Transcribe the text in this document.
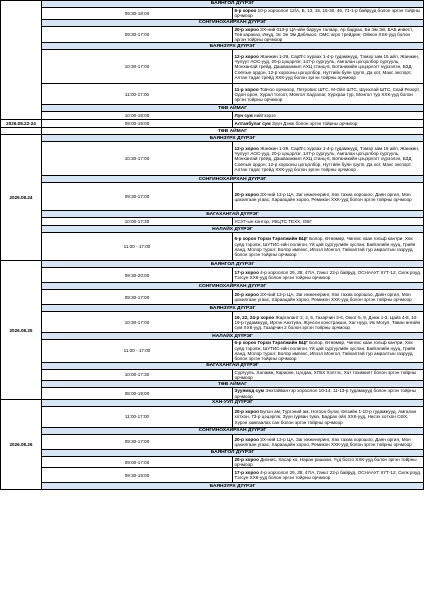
	БАЯНГОЛ ДҮҮРЭГ	
	09:30-18:00	6-р хороо 10-р хороолол 12/А, Б, 13, 15, 15-30, 46, 71-1-р байрууд болон эргэн тойрны орчмоор
	СОНГИНОХАЙРХАН ДҮҮРЭГ	
	09:30-17:00	20-р хороо ЗХ-ний 013-р ЦА-ийн баруун талаар, Ар бадрах, Би Эм Эй, БАБ инвест, Тев караказ, Инуд, Эс Эн Эм Дабльюо, ОМС агро трейдинг, Ойжон ХХК-ууд болон эргэн тойрны орчмоор
	БАЯНЗҮРХ ДҮҮРЭГ	
	10:30-17:00	12-р хороо Жанжин 1-29, Сарימс хураах 1-4-р гудамжууд, Тэмэр зам 15 айл, Жанжин, Чулуут АОС-ууд, 20-р цэцэрлэг, 147-р сургууль, Амгалан цогцолбор сургууль, Монхангай трейд, Дашваанжил АХЦ станц-6, Ботаникийн цэцэрлэгт хүрээлэн, БЗД Соёлын ордон, 12-р хорооны цогцолбор, Нуттийн буян групп, Да хот, Макс экспорт, Алтан тадаг трейд ХХК-ууд болон эргэн тойрны орчмоор
	11:00-17:00	11-р хороо Товчоо орчмоор, Петровис ШТС, М-Ойл ШТС, Шунхлай ШТС, Скай Резорт, Одон орон, Хурал тогоот, Монгол Хадгалаг, Хурхраа тур, Монгол тур ХХК-ууд болон эргэн тойрны орчмоор
	ТӨВ АЙМАГ	
	10:00-18:00	Лүн сум нийтээрээ
2026.08.22-24	09:00-19:00	Алтанбулаг сум Зүүн Дэнж болон эргэн тойрны орчмоор
	ТӨВ АЙМАГ	
2026.08.24	БАЯНЗҮРХ ДҮҮРЭГ	
	10:30-17:00	12-р хороо Жанжин 1-29, Сарימс хураах 1-4-р гудамжууд, Тэмэр зам 15 айл, Жанжин, Чулуут АОС-ууд, 20-р цэцэрлэг, 147-р сургууль, Амгалан цогцолбор сургууль, Монхангай трейд, Дашваанжил АХЦ станц-6, Ботаникийн цэцэрлэгт хүрээлэн, БЗД Соёлын ордон, 12-р хорооны цогцолбор, Нуттийн буян групп, Да хот, Макс экспорт, Алтан тадаг трейд ХХК-ууд болон эргэн тойрны орчмоор
	СОНГИНОХАЙРХАН ДҮҮРЭГ	
	09:30-17:00	20-р хороо ЗХ-ний 13-р ЦА, Заг инженеринг, Хөх тахиа хорошоо, Даян оргил, Мон цахилгаан угаас, Хараацайн хороо, Ремикон ХХК-ууд болон эргэн тойрны орчмоор
	БАГАХАНГАЙ ДҮҮРЭГ	
	10:00-17:30	УСУГ-ын контор, УБЦТС ТЕХХ, ОБГ
	НАЛАЙХ ДҮҮРЭГ	
	11:00 - 17:00	6-р хороо Горхи Тэрэлжийн БЦГ Болор, Өтөөмөр, Чингис хаан гольф кантри, Хөх сувд тэрэлж, ШУТИС-ийн полигон, Үй цай сургуулийн зуслан, Байгалийн нууц, Грийн ланд, Молор туршт, Болор импекс, Ивээл Монгол, Гайхалтай тур амралтын газрууд болон эргэн тойрны орчмоор
2026.08.25	БАЯНГОЛ ДҮҮРЭГ	
	09:30-20:00	17-р хороо 4-р хороолол 26, 38, 47/А, Ганьт 22-р байруд, ОСНААУГ ХҮТ-12, Силк роуд, Тэгсун ХХК-ууд болон эргэн тойрны орчмоор
	СОНГИНОХАЙРХАН ДҮҮРЭГ	
	09:30-17:00	20-р хороо ЗХ-ний 13-р ЦА, Заг инженеринг, Хөх тахиа хорошоо, Даян оргил, Мон цахилгаан угаас, Хараацайн хороо, Ремикон ХХК-ууд болон эргэн тойрны орчмоор
	БАЯНЗҮРХ ДҮҮРЭГ	
	10:30-17:00	19, 22, 24-р хороо Жаргалант 2, 4, 5, Газарчин 3-6, Оюот 5, 9, Дэнж 1-3, Цайз 4-8, 10-19-р гудамжууд, Иргэн Анхтуяа, Жунсон констракшн, Хаг нуур, Их Могул, Таван өнгийн сүм ХХК-ууд, Газарчин 2 болон эргэн тойрны орчмоор
	НАЛАЙХ ДҮҮРЭГ	
	11:00 - 17:00	6-р хороо Горхи Тэрэлжийн БЦГ Болор, Өтөөмөр, Чингис хаан гольф кантри, Хөх сувд тэрэлж, ШУТИС-ийн полигон, Үй цай сургуулийн зуслан, Байгалийн нууц, Грийн ланд, Молор туршт, Болор импекс, Ивээл Монгол, Гайхалтай тур амралтын газрууд болон эргэн тойрны орчмоор
	БАГАХАНГАЙ ДҮҮРЭГ	
	10:00-17:30	Сургууль, Халамж, Караоке, Цэгдаа, ХГБХ Хэлтэс, Хот тохижилт болон эргэн тойрны орчмоор
	ТӨВ АЙМАГ	
	08:00-19:00	Зуунмод сум Энхтайван гэр хороолол 10-14, 11-13-р гудамжууд болон эргэн тойрны орчмоор
2026.08.26	ХАН-УУЛ ДҮҮРЭГ	
	11:00-17:00	20-р хороо Бугын ам, Тургэний ам, Ногоон бүлаг, Өлзийн 1-10-р гудамжууд, Амгалан хотхон, 73-р цэцэрлэг, Зүүн гурван тумэ, Бадрах ойл ХХК-ууд, Нисэх хотхон СӨХ, Хүрэн хамгаалах сан болон эргэн тойрны орчмоор
	СОНГИНОХАЙРХАН ДҮҮРЭГ	
	09:30-17:00	20-р хороо ЗХ-ний 13-р ЦА, Заг инженеринг, Хөх тахиа хорошоо, Даян оргил, Мон цахилгаан угаас, Хараацайн хороо, Ремикон ХХК-ууд болон эргэн тойрны орчмоор
	БАЯНГОЛ ДҮҮРЭГ	
	09:00-17:00	20-р хороо Дионис, Хасар ко, Наран рашаан, Үүд босго ХХК-ууд болон эргэн тойрны орчмоор
	09:30-19:00	17-р хороо 4-р хороолол 26, 38, 47/А, Ганьт 22-р байруд, ОСНААУГ ХҮТ-12, Силк роуд, Тэгсун ХХК-ууд болон эргэн тойрны орчмоор
	БАЯНЗҮРХ ДҮҮРЭГ	
